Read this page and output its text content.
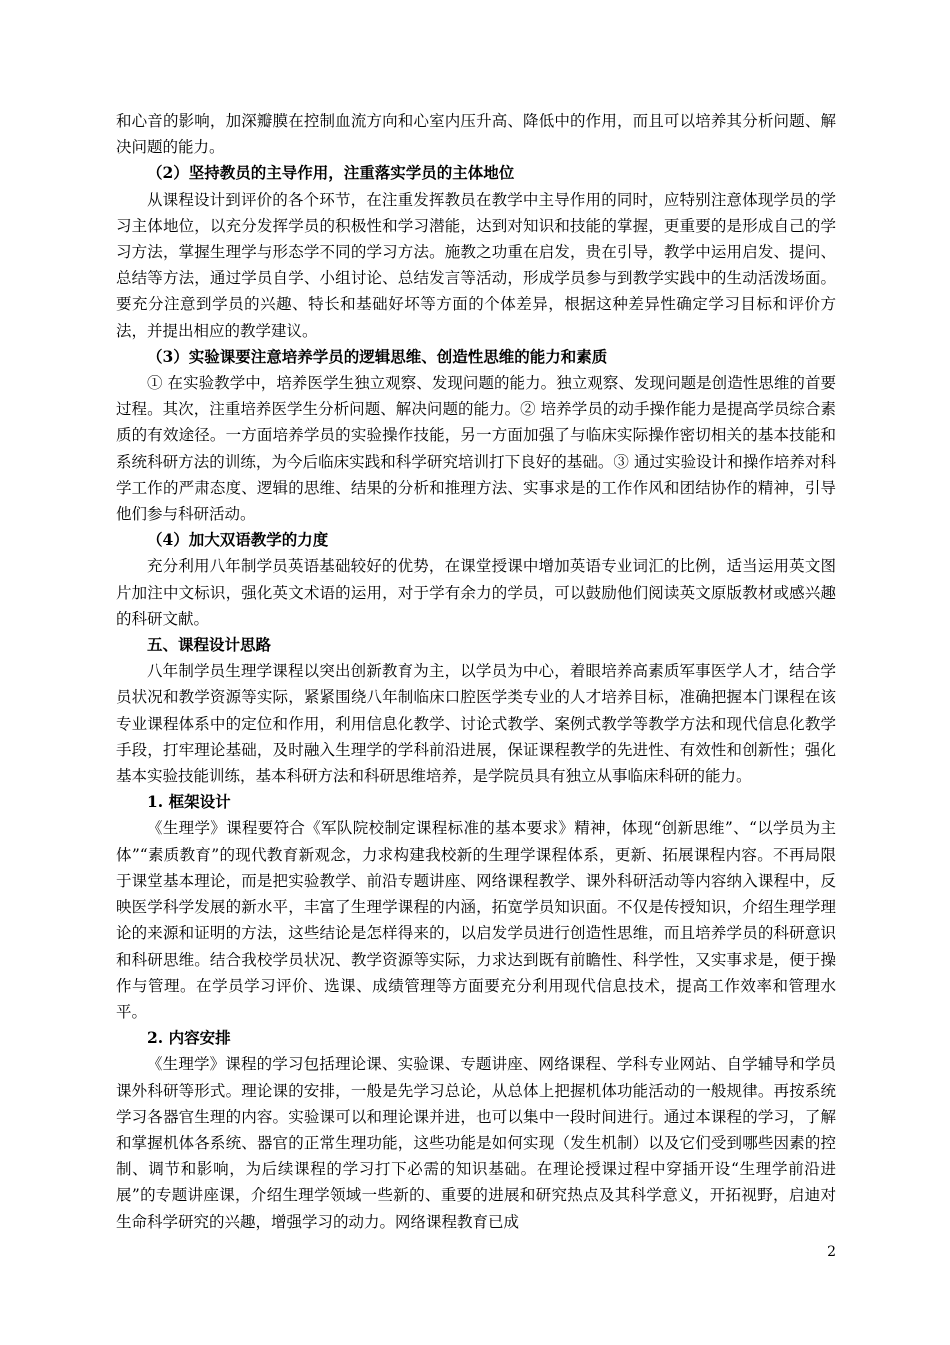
和心音的影响，加深瓣膜在控制血流方向和心室内压升高、降低中的作用，而且可以培养其分析问题、解决问题的能力。

（2）坚持教员的主导作用，注重落实学员的主体地位

从课程设计到评价的各个环节，在注重发挥教员在教学中主导作用的同时，应特别注意体现学员的学习主体地位，以充分发挥学员的积极性和学习潜能，达到对知识和技能的掌握，更重要的是形成自己的学习方法，掌握生理学与形态学不同的学习方法。施教之功重在启发，贵在引导，教学中运用启发、提问、总结等方法，通过学员自学、小组讨论、总结发言等活动，形成学员参与到教学实践中的生动活泼场面。要充分注意到学员的兴趣、特长和基础好坏等方面的个体差异，根据这种差异性确定学习目标和评价方法，并提出相应的教学建议。

（3）实验课要注意培养学员的逻辑思维、创造性思维的能力和素质

① 在实验教学中，培养医学生独立观察、发现问题的能力。独立观察、发现问题是创造性思维的首要过程。其次，注重培养医学生分析问题、解决问题的能力。② 培养学员的动手操作能力是提高学员综合素质的有效途径。一方面培养学员的实验操作技能，另一方面加强了与临床实际操作密切相关的基本技能和系统科研方法的训练，为今后临床实践和科学研究培训打下良好的基础。③ 通过实验设计和操作培养对科学工作的严肃态度、逻辑的思维、结果的分析和推理方法、实事求是的工作作风和团结协作的精神，引导他们参与科研活动。

（4）加大双语教学的力度

充分利用八年制学员英语基础较好的优势，在课堂授课中增加英语专业词汇的比例，适当运用英文图片加注中文标识，强化英文术语的运用，对于学有余力的学员，可以鼓励他们阅读英文原版教材或感兴趣的科研文献。

五、课程设计思路

八年制学员生理学课程以突出创新教育为主，以学员为中心，着眼培养高素质军事医学人才，结合学员状况和教学资源等实际，紧紧围绕八年制临床口腔医学类专业的人才培养目标，准确把握本门课程在该专业课程体系中的定位和作用，利用信息化教学、讨论式教学、案例式教学等教学方法和现代信息化教学手段，打牢理论基础，及时融入生理学的学科前沿进展，保证课程教学的先进性、有效性和创新性；强化基本实验技能训练，基本科研方法和科研思维培养，是学院员具有独立从事临床科研的能力。

1. 框架设计

《生理学》课程要符合《军队院校制定课程标准的基本要求》精神，体现“创新思维”、“以学员为主体”“素质教育”的现代教育新观念，力求构建我校新的生理学课程体系，更新、拓展课程内容。不再局限于课堂基本理论，而是把实验教学、前沿专题讲座、网络课程教学、课外科研活动等内容纳入课程中，反映医学科学发展的新水平，丰富了生理学课程的内涵，拓宽学员知识面。不仅是传授知识，介绍生理学理论的来源和证明的方法，这些结论是怎样得来的，以启发学员进行创造性思维，而且培养学员的科研意识和科研思维。结合我校学员状况、教学资源等实际，力求达到既有前瞻性、科学性，又实事求是，便于操作与管理。在学员学习评价、选课、成绩管理等方面要充分利用现代信息技术，提高工作效率和管理水平。

2. 内容安排

《生理学》课程的学习包括理论课、实验课、专题讲座、网络课程、学科专业网站、自学辅导和学员课外科研等形式。理论课的安排，一般是先学习总论，从总体上把握机体功能活动的一般规律。再按系统学习各器官生理的内容。实验课可以和理论课并进，也可以集中一段时间进行。通过本课程的学习，了解和掌握机体各系统、器官的正常生理功能，这些功能是如何实现（发生机制）以及它们受到哪些因素的控制、调节和影响，为后续课程的学习打下必需的知识基础。在理论授课过程中穿插开设“生理学前沿进展”的专题讲座课，介绍生理学领域一些新的、重要的进展和研究热点及其科学意义，开拓视野，启迪对生命科学研究的兴趣，增强学习的动力。网络课程教育已成

2
